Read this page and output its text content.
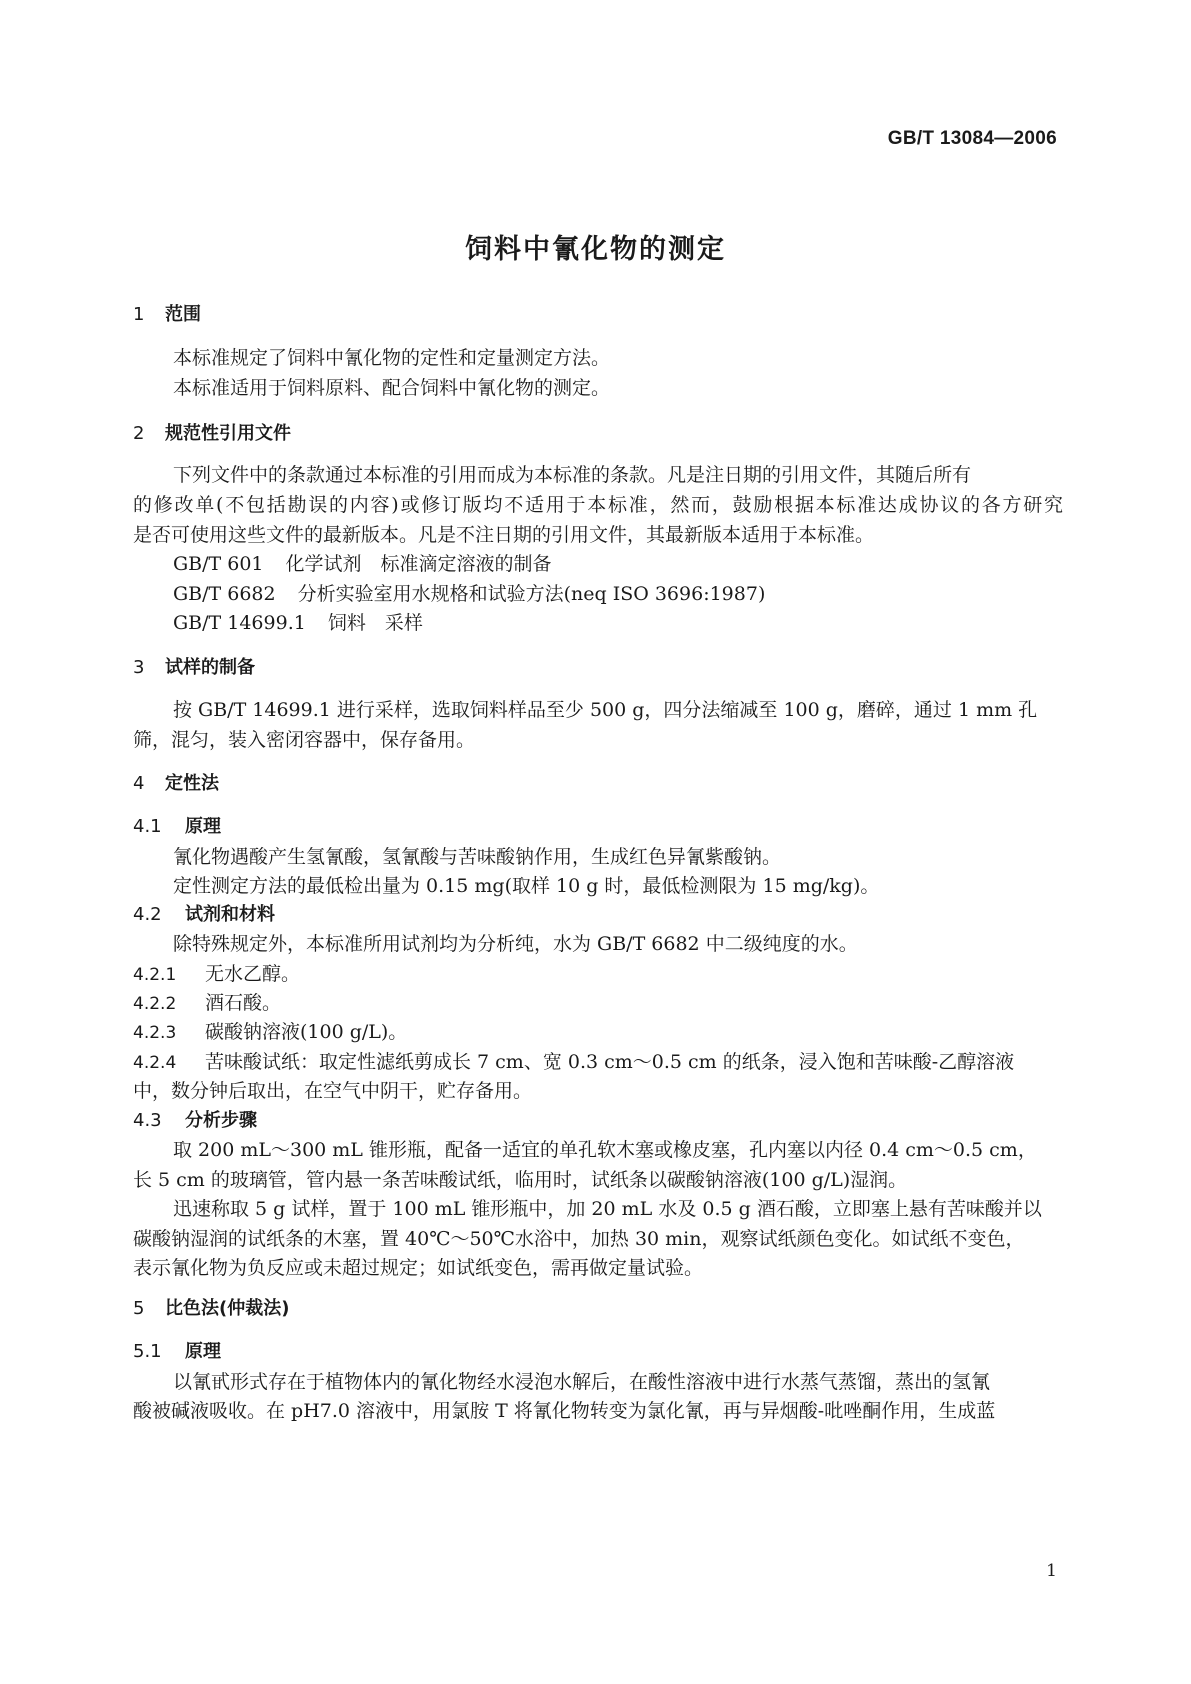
GB/T 13084—2006
饲料中氰化物的测定
1 范围
本标准规定了饲料中氰化物的定性和定量测定方法。
本标准适用于饲料原料、配合饲料中氰化物的测定。
2 规范性引用文件
下列文件中的条款通过本标准的引用而成为本标准的条款。凡是注日期的引用文件，其随后所有
的修改单(不包括勘误的内容)或修订版均不适用于本标准，然而，鼓励根据本标准达成协议的各方研究
是否可使用这些文件的最新版本。凡是不注日期的引用文件，其最新版本适用于本标准。
GB/T 601 化学试剂　标准滴定溶液的制备
GB/T 6682 分析实验室用水规格和试验方法(neq ISO 3696:1987)
GB/T 14699.1 饲料　采样
3 试样的制备
按 GB/T 14699.1 进行采样，选取饲料样品至少 500 g，四分法缩减至 100 g，磨碎，通过 1 mm 孔
筛，混匀，装入密闭容器中，保存备用。
4 定性法
4.1 原理
氰化物遇酸产生氢氰酸，氢氰酸与苦味酸钠作用，生成红色异氰紫酸钠。
定性测定方法的最低检出量为 0.15 mg(取样 10 g 时，最低检测限为 15 mg/kg)。
4.2 试剂和材料
除特殊规定外，本标准所用试剂均为分析纯，水为 GB/T 6682 中二级纯度的水。
4.2.1 无水乙醇。
4.2.2 酒石酸。
4.2.3 碳酸钠溶液(100 g/L)。
4.2.4 苦味酸试纸：取定性滤纸剪成长 7 cm、宽 0.3 cm～0.5 cm 的纸条，浸入饱和苦味酸-乙醇溶液
中，数分钟后取出，在空气中阴干，贮存备用。
4.3 分析步骤
取 200 mL～300 mL 锥形瓶，配备一适宜的单孔软木塞或橡皮塞，孔内塞以内径 0.4 cm～0.5 cm，
长 5 cm 的玻璃管，管内悬一条苦味酸试纸，临用时，试纸条以碳酸钠溶液(100 g/L)湿润。
迅速称取 5 g 试样，置于 100 mL 锥形瓶中，加 20 mL 水及 0.5 g 酒石酸，立即塞上悬有苦味酸并以
碳酸钠湿润的试纸条的木塞，置 40℃～50℃水浴中，加热 30 min，观察试纸颜色变化。如试纸不变色，
表示氰化物为负反应或未超过规定；如试纸变色，需再做定量试验。
5 比色法(仲裁法)
5.1 原理
以氰甙形式存在于植物体内的氰化物经水浸泡水解后，在酸性溶液中进行水蒸气蒸馏，蒸出的氢氰
酸被碱液吸收。在 pH7.0 溶液中，用氯胺 T 将氰化物转变为氯化氰，再与异烟酸-吡唑酮作用，生成蓝
1
